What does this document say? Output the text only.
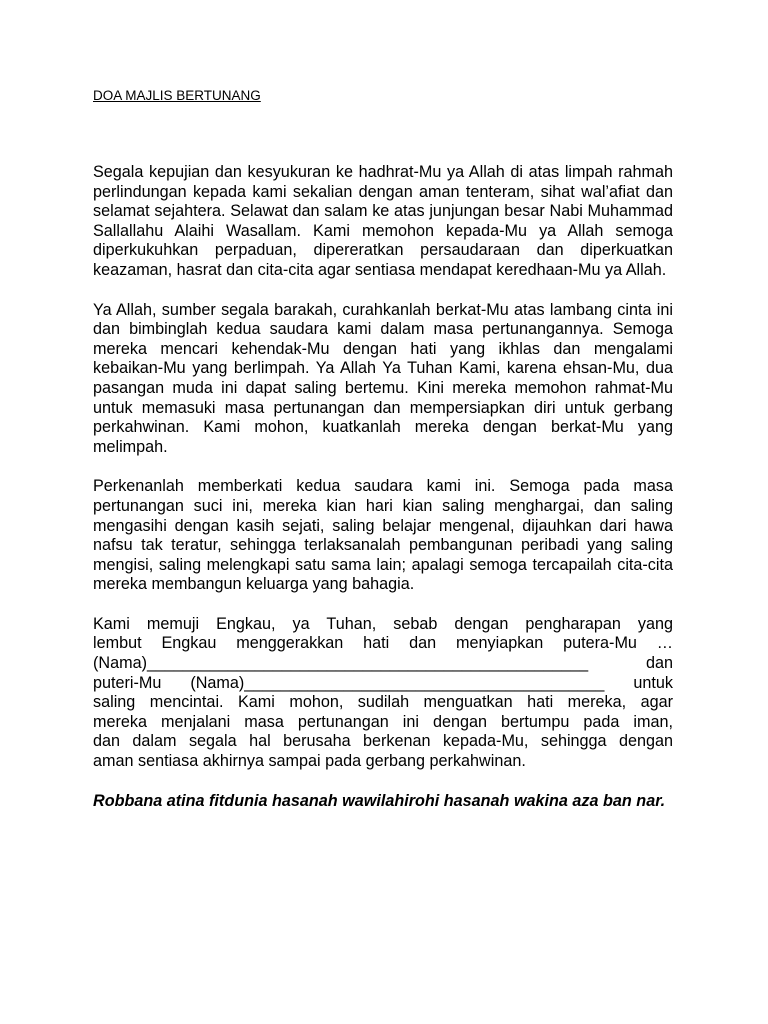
DOA MAJLIS BERTUNANG

Segala kepujian dan kesyukuran ke hadhrat-Mu ya Allah di atas limpah rahmah perlindungan kepada kami sekalian dengan aman tenteram, sihat wal’afiat dan selamat sejahtera. Selawat dan salam ke atas junjungan besar Nabi Muhammad Sallallahu Alaihi Wasallam. Kami memohon kepada-Mu ya Allah semoga diperkukuhkan perpaduan, dipereratkan persaudaraan dan diperkuatkan keazaman, hasrat dan cita-cita agar sentiasa mendapat keredhaan-Mu ya Allah.

Ya Allah, sumber segala barakah, curahkanlah berkat-Mu atas lambang cinta ini dan bimbinglah kedua saudara kami dalam masa pertunangannya. Semoga mereka mencari kehendak-Mu dengan hati yang ikhlas dan mengalami kebaikan-Mu yang berlimpah. Ya Allah Ya Tuhan Kami, karena ehsan-Mu, dua pasangan muda ini dapat saling bertemu. Kini mereka memohon rahmat-Mu untuk memasuki masa pertunangan dan mempersiapkan diri untuk gerbang perkahwinan. Kami mohon, kuatkanlah mereka dengan berkat-Mu yang melimpah.

Perkenanlah memberkati kedua saudara kami ini. Semoga pada masa pertunangan suci ini, mereka kian hari kian saling menghargai, dan saling mengasihi dengan kasih sejati, saling belajar mengenal, dijauhkan dari hawa nafsu tak teratur, sehingga terlaksanalah pembangunan peribadi yang saling mengisi, saling melengkapi satu sama lain; apalagi semoga tercapailah cita-cita mereka membangun keluarga yang bahagia.

Kami memuji Engkau, ya Tuhan, sebab dengan pengharapan yang
lembut Engkau menggerakkan hati dan menyiapkan putera-Mu …
(Nama)_________________________________________________ dan
puteri-Mu (Nama)________________________________________ untuk
saling mencintai. Kami mohon, sudilah menguatkan hati mereka, agar
mereka menjalani masa pertunangan ini dengan bertumpu pada iman,
dan dalam segala hal berusaha berkenan kepada-Mu, sehingga dengan
aman sentiasa akhirnya sampai pada gerbang perkahwinan.

Robbana atina fitdunia hasanah wawilahirohi hasanah wakina aza ban nar.
